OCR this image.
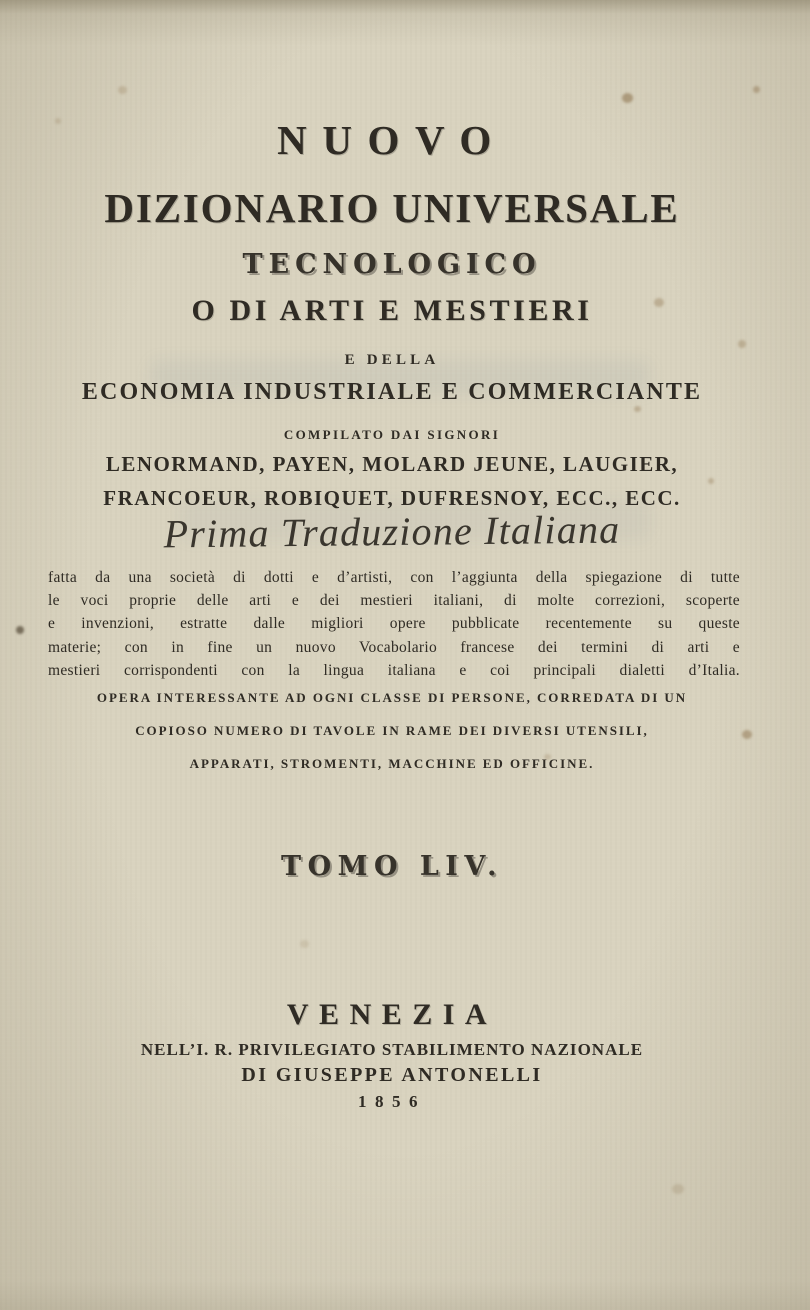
NUOVO
DIZIONARIO UNIVERSALE
TECNOLOGICO
O DI ARTI E MESTIERI
E DELLA
ECONOMIA INDUSTRIALE E COMMERCIANTE
COMPILATO DAI SIGNORI
LENORMAND, PAYEN, MOLARD JEUNE, LAUGIER,
FRANCOEUR, ROBIQUET, DUFRESNOY, ECC., ECC.
Prima Traduzione Italiana
fatta da una società di dotti e d’artisti, con l’aggiunta della spiegazione di tutte
le voci proprie delle arti e dei mestieri italiani, di molte correzioni, scoperte
e invenzioni, estratte dalle migliori opere pubblicate recentemente su queste
materie; con in fine un nuovo Vocabolario francese dei termini di arti e
mestieri corrispondenti con la lingua italiana e coi principali dialetti d’Italia.
OPERA INTERESSANTE AD OGNI CLASSE DI PERSONE, CORREDATA DI UN
COPIOSO NUMERO DI TAVOLE IN RAME DEI DIVERSI UTENSILI,
APPARATI, STROMENTI, MACCHINE ED OFFICINE.
TOMO LIV.
VENEZIA
NELL’I. R. PRIVILEGIATO STABILIMENTO NAZIONALE
DI GIUSEPPE ANTONELLI
1856
